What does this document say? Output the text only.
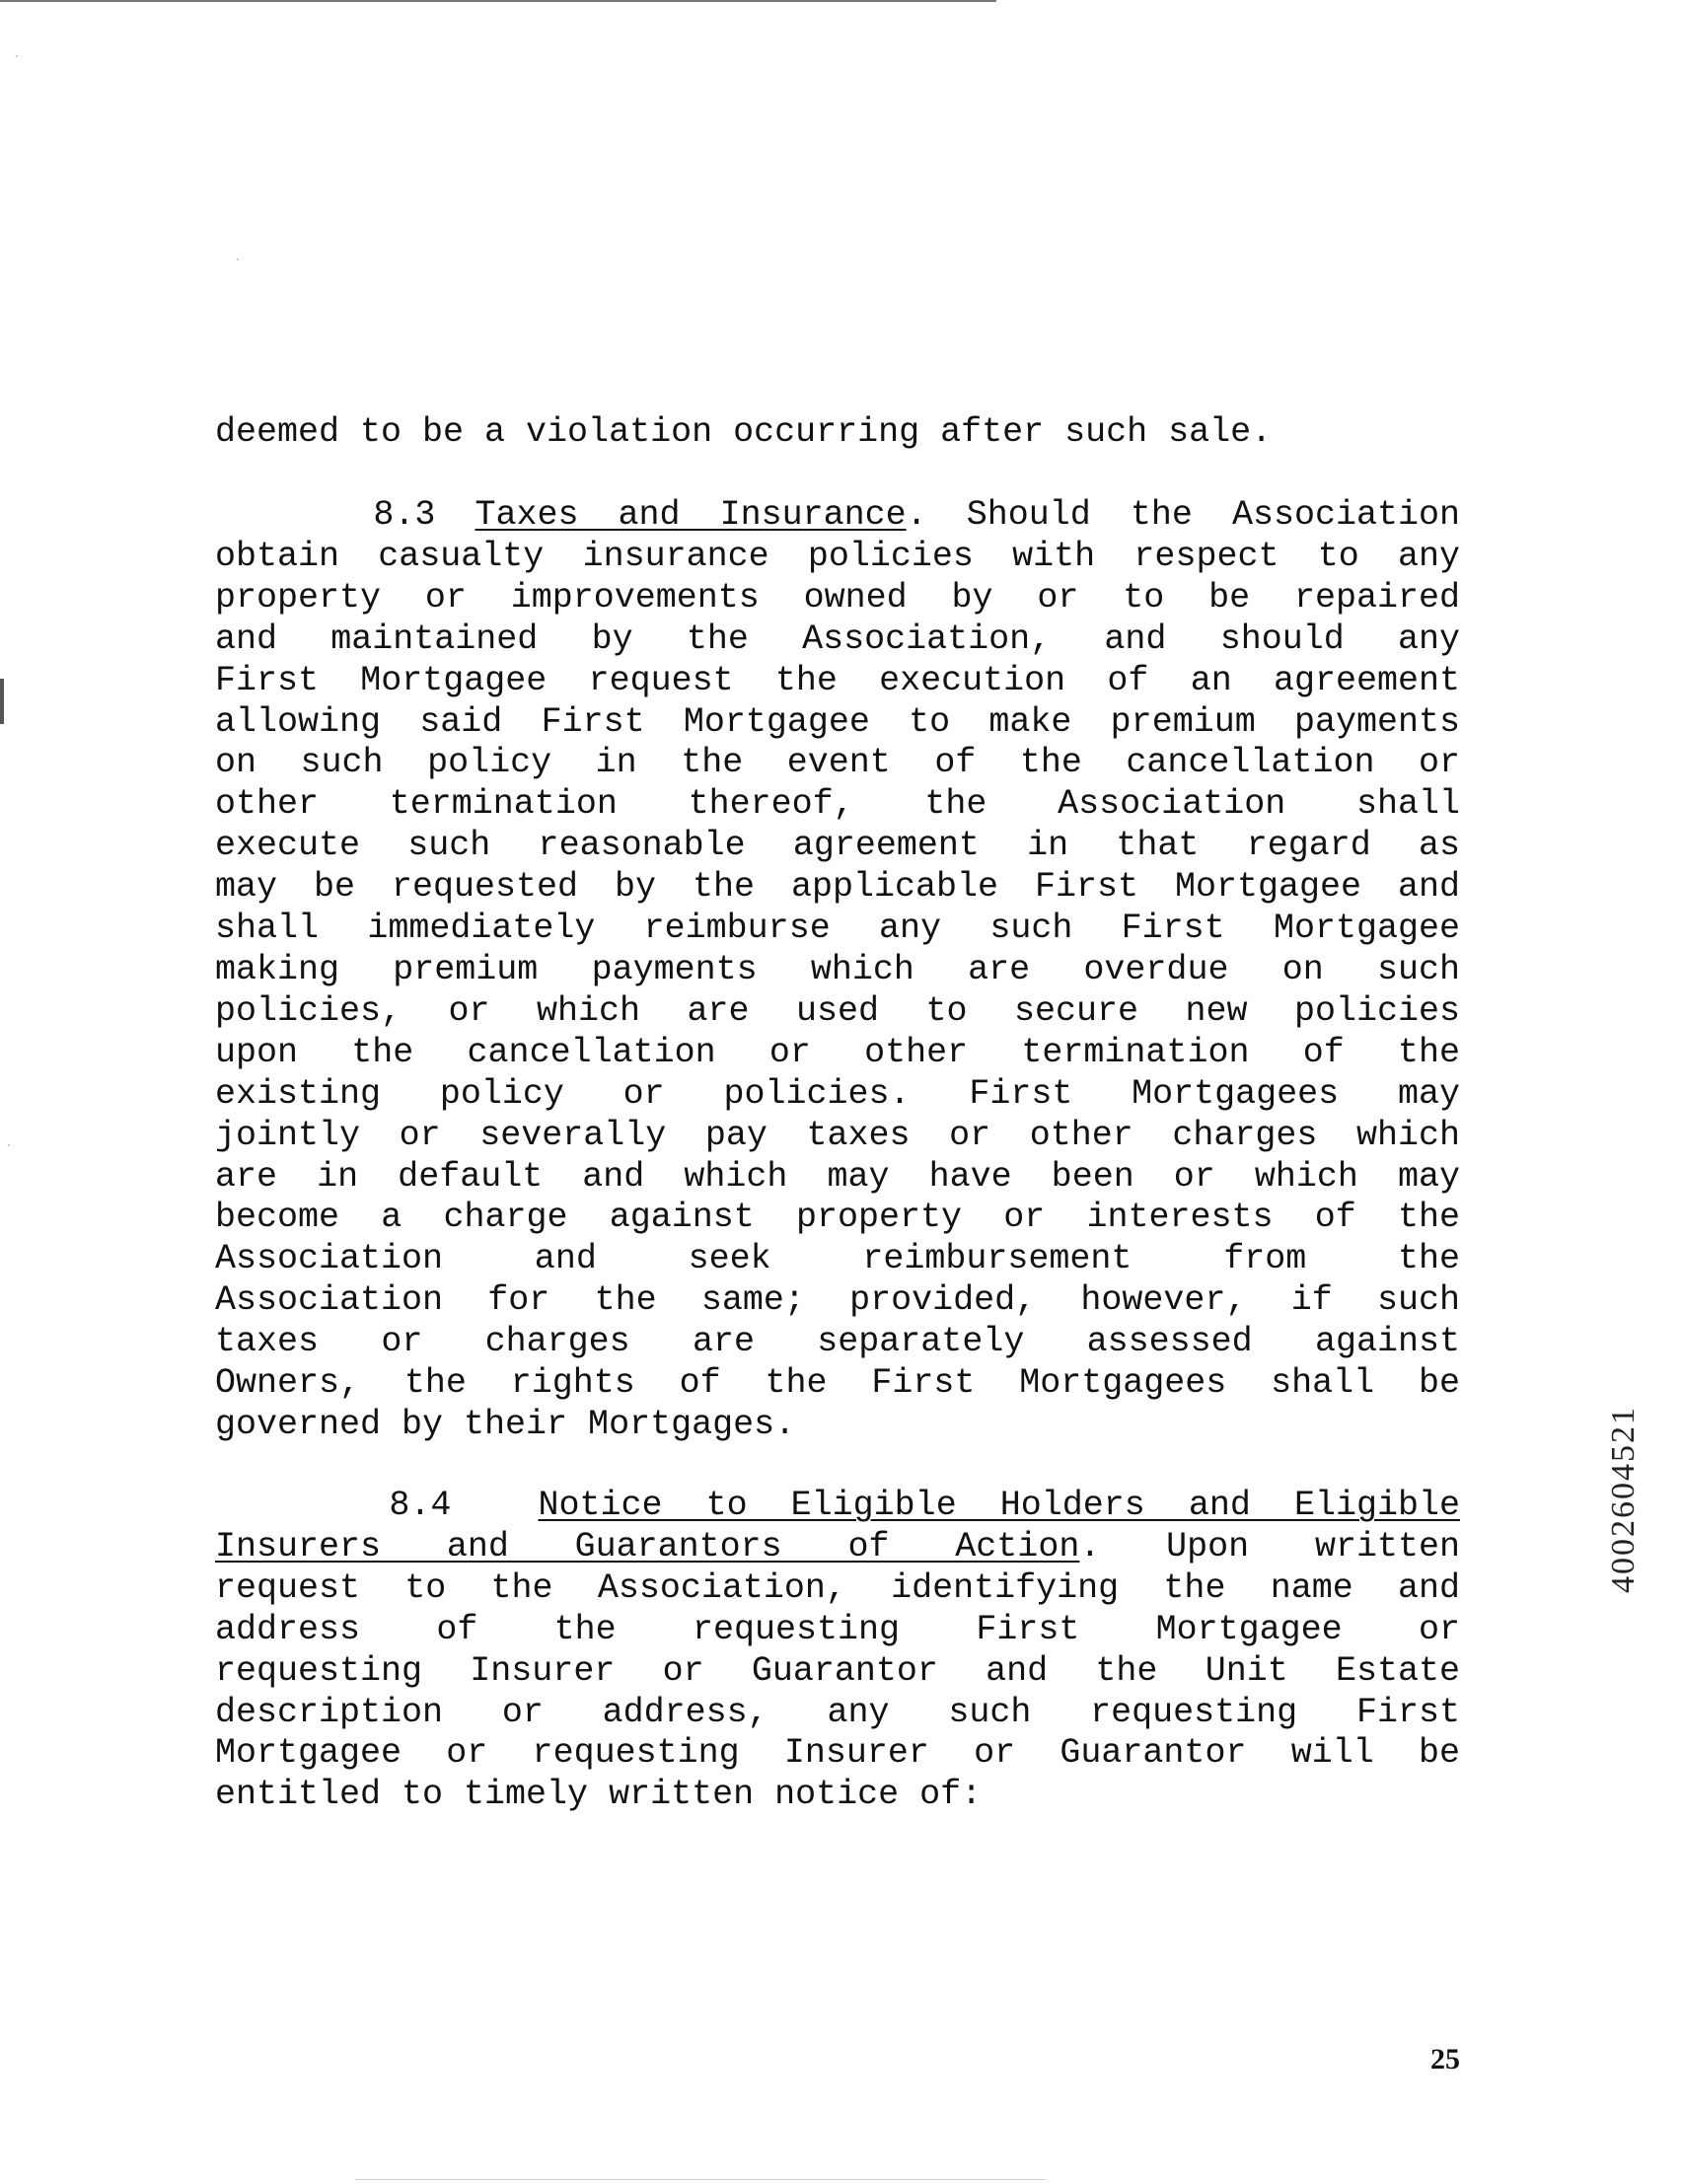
deemed to be a violation occurring after such sale.
8.3 Taxes and Insurance. Should the Association
obtain casualty insurance policies with respect to any
property or improvements owned by or to be repaired
and maintained by the Association, and should any
First Mortgagee request the execution of an agreement
allowing said First Mortgagee to make premium payments
on such policy in the event of the cancellation or
other termination thereof, the Association shall
execute such reasonable agreement in that regard as
may be requested by the applicable First Mortgagee and
shall immediately reimburse any such First Mortgagee
making premium payments which are overdue on such
policies, or which are used to secure new policies
upon the cancellation or other termination of the
existing policy or policies. First Mortgagees may
jointly or severally pay taxes or other charges which
are in default and which may have been or which may
become a charge against property or interests of the
Association and seek reimbursement from the
Association for the same; provided, however, if such
taxes or charges are separately assessed against
Owners, the rights of the First Mortgagees shall be
governed by their Mortgages.
8.4	Notice to Eligible Holders and Eligible
Insurers and Guarantors of Action. Upon written
request to the Association, identifying the name and
address of the requesting First Mortgagee or
requesting Insurer or Guarantor and the Unit Estate
description or address, any such requesting First
Mortgagee or requesting Insurer or Guarantor will be
entitled to timely written notice of:
25
4002604521
